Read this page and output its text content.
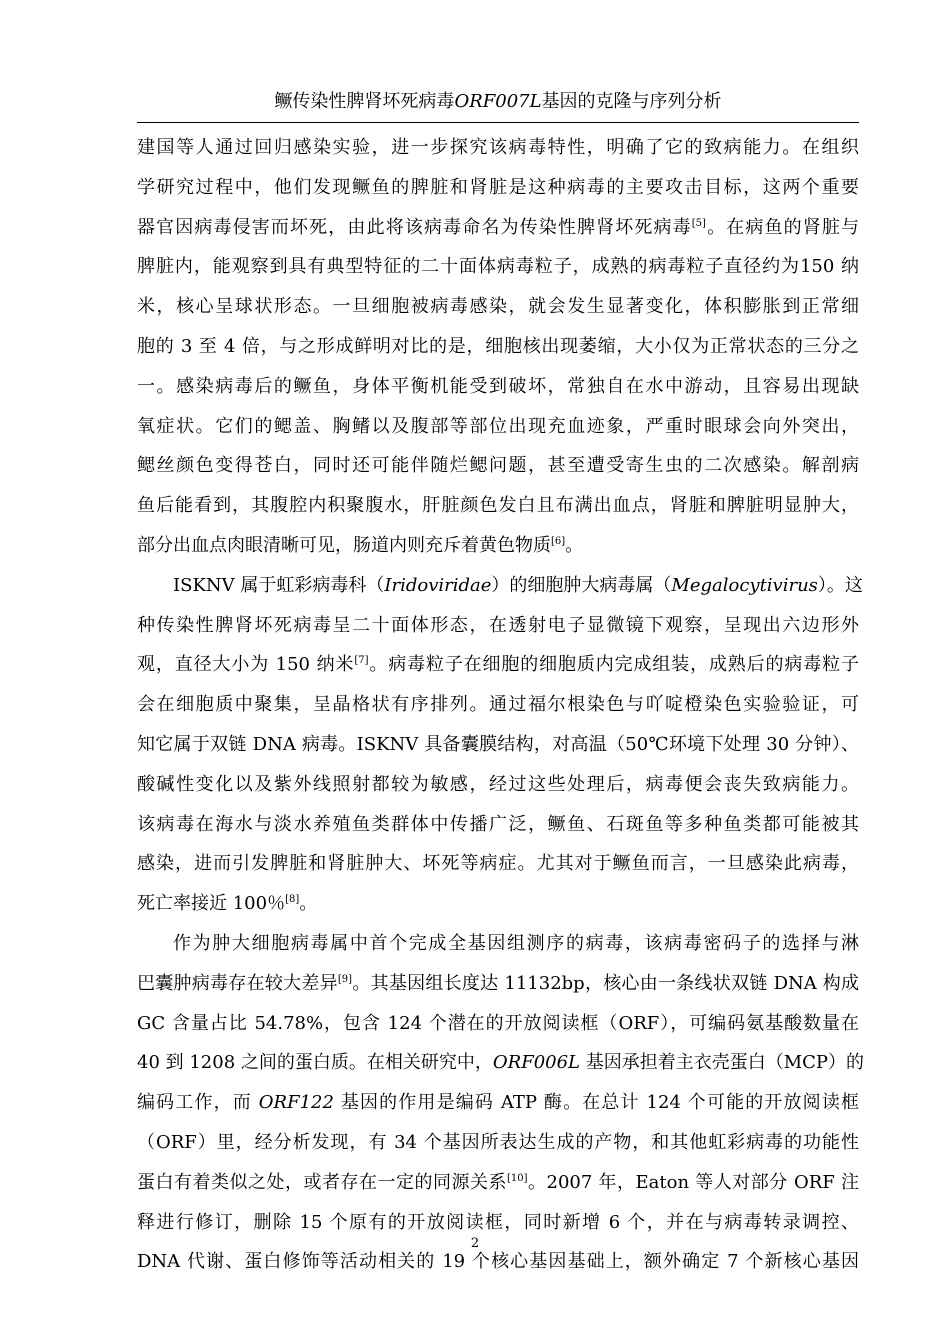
鳜传染性脾肾坏死病毒ORF007L基因的克隆与序列分析

建国等人通过回归感染实验，进一步探究该病毒特性，明确了它的致病能力。在组织
学研究过程中，他们发现鳜鱼的脾脏和肾脏是这种病毒的主要攻击目标，这两个重要
器官因病毒侵害而坏死，由此将该病毒命名为传染性脾肾坏死病毒[5]。在病鱼的肾脏与
脾脏内，能观察到具有典型特征的二十面体病毒粒子，成熟的病毒粒子直径约为150 纳
米，核心呈球状形态。一旦细胞被病毒感染，就会发生显著变化，体积膨胀到正常细
胞的 3 至 4 倍，与之形成鲜明对比的是，细胞核出现萎缩，大小仅为正常状态的三分之
一。感染病毒后的鳜鱼，身体平衡机能受到破坏，常独自在水中游动，且容易出现缺
氧症状。它们的鳃盖、胸鳍以及腹部等部位出现充血迹象，严重时眼球会向外突出，
鳃丝颜色变得苍白，同时还可能伴随烂鳃问题，甚至遭受寄生虫的二次感染。解剖病
鱼后能看到，其腹腔内积聚腹水，肝脏颜色发白且布满出血点，肾脏和脾脏明显肿大，
部分出血点肉眼清晰可见，肠道内则充斥着黄色物质[6]。

ISKNV 属于虹彩病毒科（Iridoviridae）的细胞肿大病毒属（Megalocytivirus）。这
种传染性脾肾坏死病毒呈二十面体形态，在透射电子显微镜下观察，呈现出六边形外
观，直径大小为 150 纳米[7]。病毒粒子在细胞的细胞质内完成组装，成熟后的病毒粒子
会在细胞质中聚集，呈晶格状有序排列。通过福尔根染色与吖啶橙染色实验验证，可
知它属于双链 DNA 病毒。ISKNV 具备囊膜结构，对高温（50℃环境下处理 30 分钟）、
酸碱性变化以及紫外线照射都较为敏感，经过这些处理后，病毒便会丧失致病能力。
该病毒在海水与淡水养殖鱼类群体中传播广泛，鳜鱼、石斑鱼等多种鱼类都可能被其
感染，进而引发脾脏和肾脏肿大、坏死等病症。尤其对于鳜鱼而言，一旦感染此病毒，
死亡率接近 100％[8]。

作为肿大细胞病毒属中首个完成全基因组测序的病毒，该病毒密码子的选择与淋
巴囊肿病毒存在较大差异[9]。其基因组长度达 11132bp，核心由一条线状双链 DNA 构成
GC 含量占比 54.78%，包含 124 个潜在的开放阅读框（ORF），可编码氨基酸数量在
40 到 1208 之间的蛋白质。在相关研究中，ORF006L 基因承担着主衣壳蛋白（MCP）的
编码工作，而 ORF122 基因的作用是编码 ATP 酶。在总计 124 个可能的开放阅读框
（ORF）里，经分析发现，有 34 个基因所表达生成的产物，和其他虹彩病毒的功能性
蛋白有着类似之处，或者存在一定的同源关系[10]。2007 年，Eaton 等人对部分 ORF 注
释进行修订，删除 15 个原有的开放阅读框，同时新增 6 个，并在与病毒转录调控、
DNA 代谢、蛋白修饰等活动相关的 19 个核心基因基础上，额外确定 7 个新核心基因

2
